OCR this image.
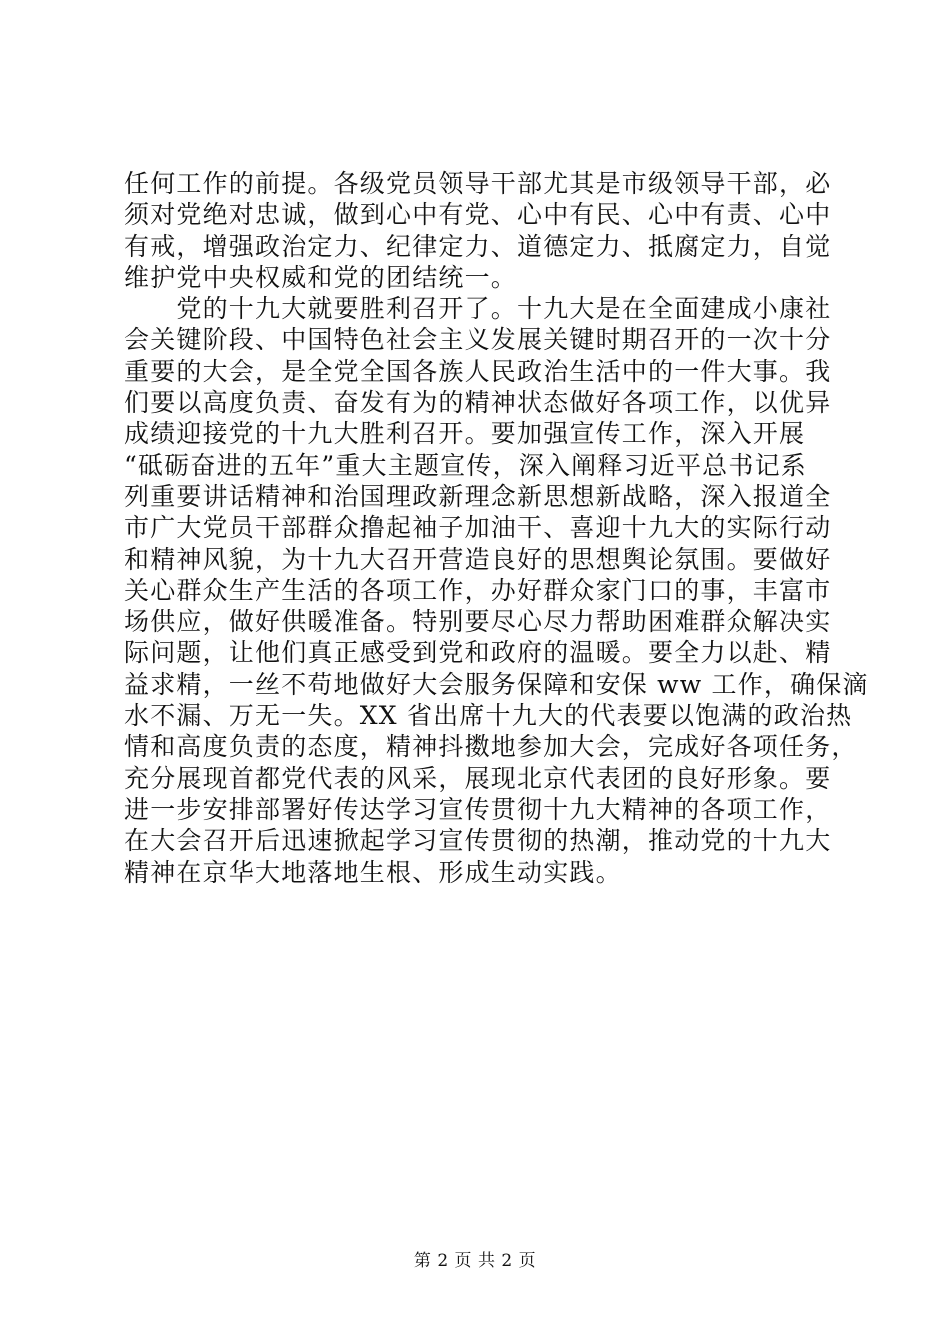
任何工作的前提。各级党员领导干部尤其是市级领导干部，必
须对党绝对忠诚，做到心中有党、心中有民、心中有责、心中
有戒，增强政治定力、纪律定力、道德定力、抵腐定力，自觉
维护党中央权威和党的团结统一。
　　党的十九大就要胜利召开了。十九大是在全面建成小康社
会关键阶段、中国特色社会主义发展关键时期召开的一次十分
重要的大会，是全党全国各族人民政治生活中的一件大事。我
们要以高度负责、奋发有为的精神状态做好各项工作，以优异
成绩迎接党的十九大胜利召开。要加强宣传工作，深入开展
“砥砺奋进的五年”重大主题宣传，深入阐释习近平总书记系
列重要讲话精神和治国理政新理念新思想新战略，深入报道全
市广大党员干部群众撸起袖子加油干、喜迎十九大的实际行动
和精神风貌，为十九大召开营造良好的思想舆论氛围。要做好
关心群众生产生活的各项工作，办好群众家门口的事，丰富市
场供应，做好供暖准备。特别要尽心尽力帮助困难群众解决实
际问题，让他们真正感受到党和政府的温暖。要全力以赴、精
益求精，一丝不苟地做好大会服务保障和安保 ww 工作，确保滴
水不漏、万无一失。XX 省出席十九大的代表要以饱满的政治热
情和高度负责的态度，精神抖擞地参加大会，完成好各项任务，
充分展现首都党代表的风采，展现北京代表团的良好形象。要
进一步安排部署好传达学习宣传贯彻十九大精神的各项工作，
在大会召开后迅速掀起学习宣传贯彻的热潮，推动党的十九大
精神在京华大地落地生根、形成生动实践。
第 2 页 共 2 页
